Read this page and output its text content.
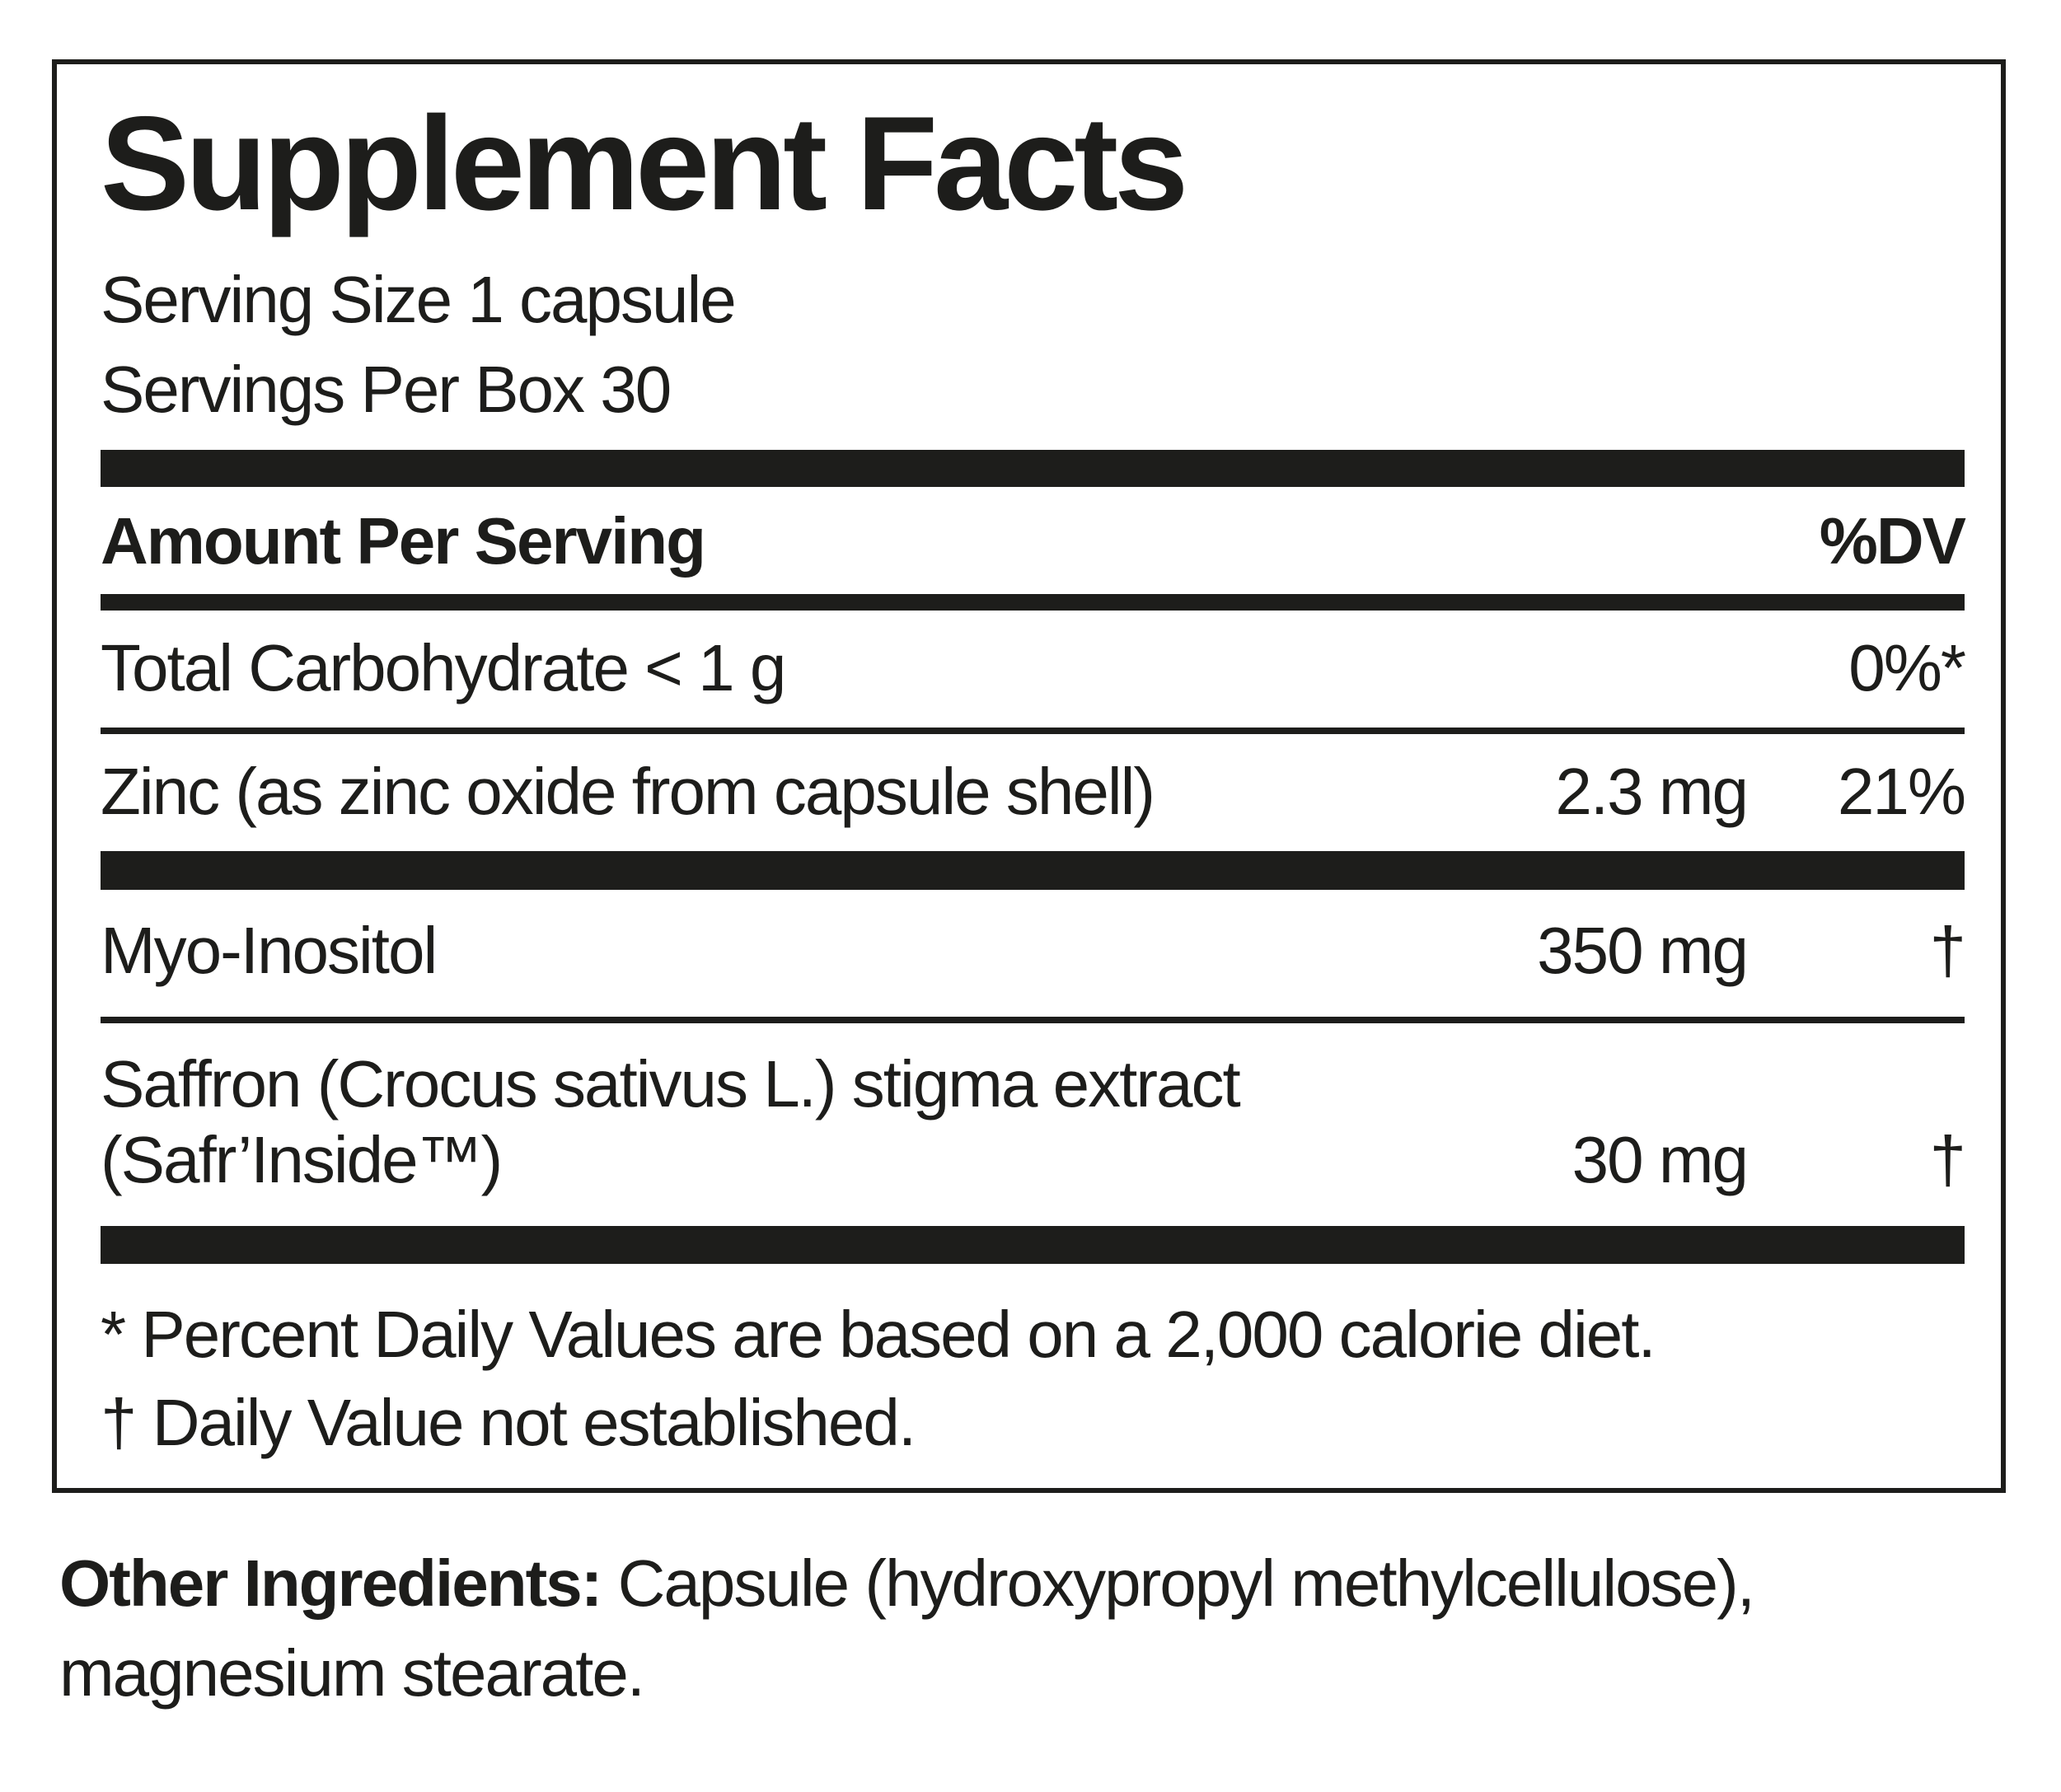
Supplement Facts
Serving Size 1 capsule
Servings Per Box 30
Amount Per Serving	%DV
Total Carbohydrate < 1 g	0%*
Zinc (as zinc oxide from capsule shell)	2.3 mg	21%
Myo-Inositol	350 mg	†
Saffron (Crocus sativus L.) stigma extract
(Safr’Inside™)	30 mg	†
* Percent Daily Values are based on a 2,000 calorie diet.
† Daily Value not established.

Other Ingredients: Capsule (hydroxypropyl methylcellulose), magnesium stearate.
